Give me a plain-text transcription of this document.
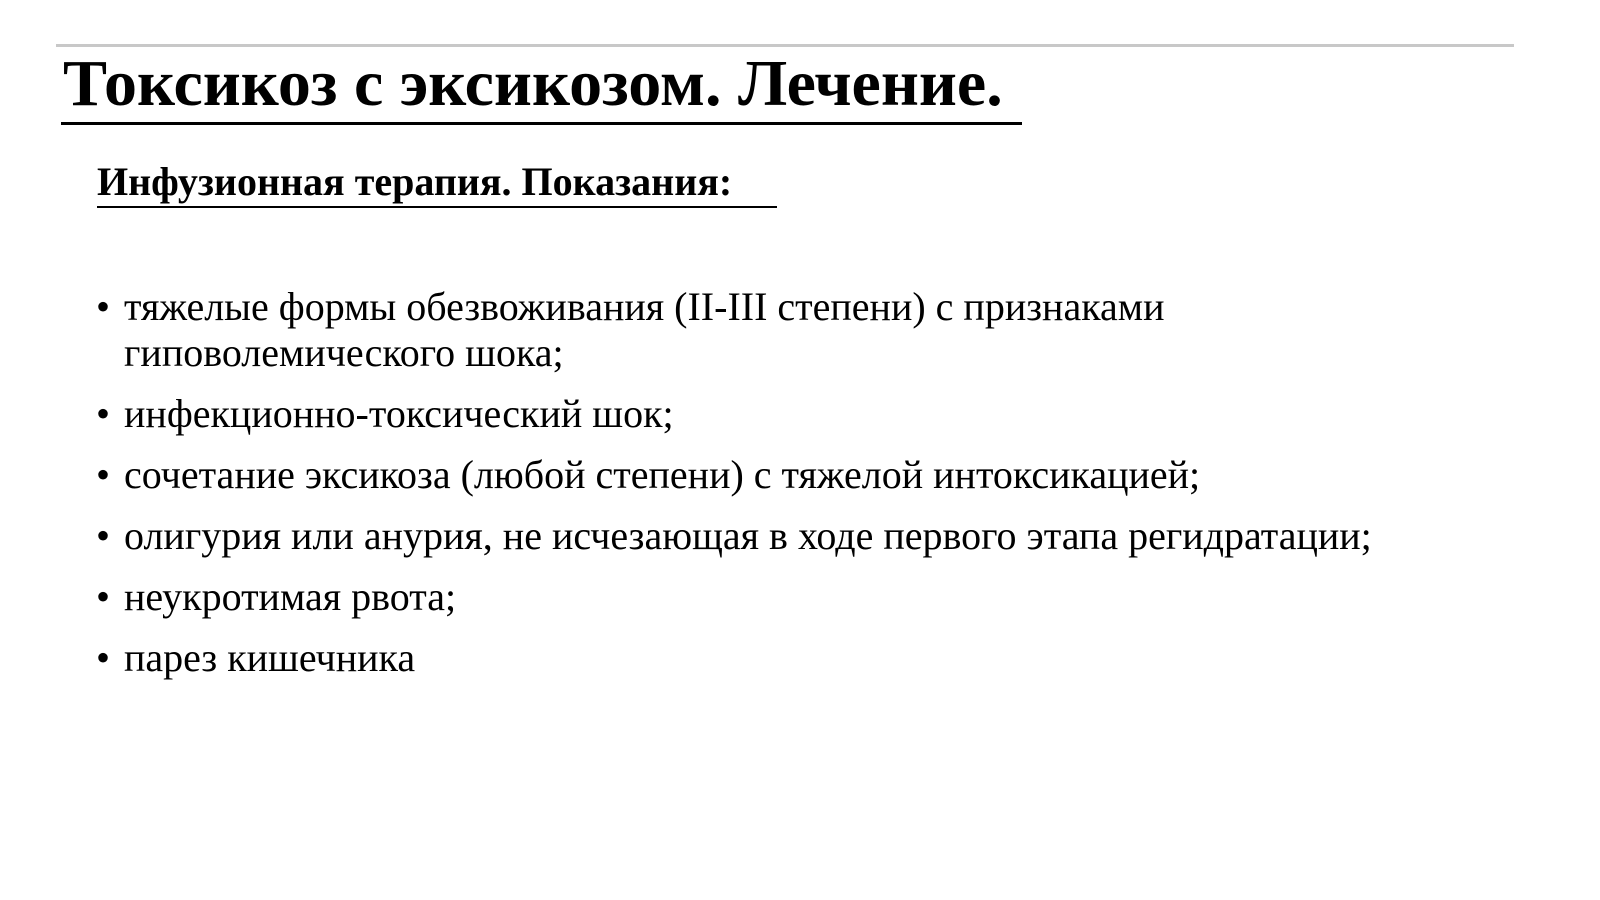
Токсикоз с эксикозом. Лечение.
Инфузионная терапия. Показания:
• тяжелые формы обезвоживания (II-III степени) с признаками гиповолемического шока;
• инфекционно-токсический шок;
• сочетание эксикоза (любой степени) с тяжелой интоксикацией;
• олигурия или анурия, не исчезающая в ходе первого этапа регидратации;
• неукротимая рвота;
• парез кишечника
